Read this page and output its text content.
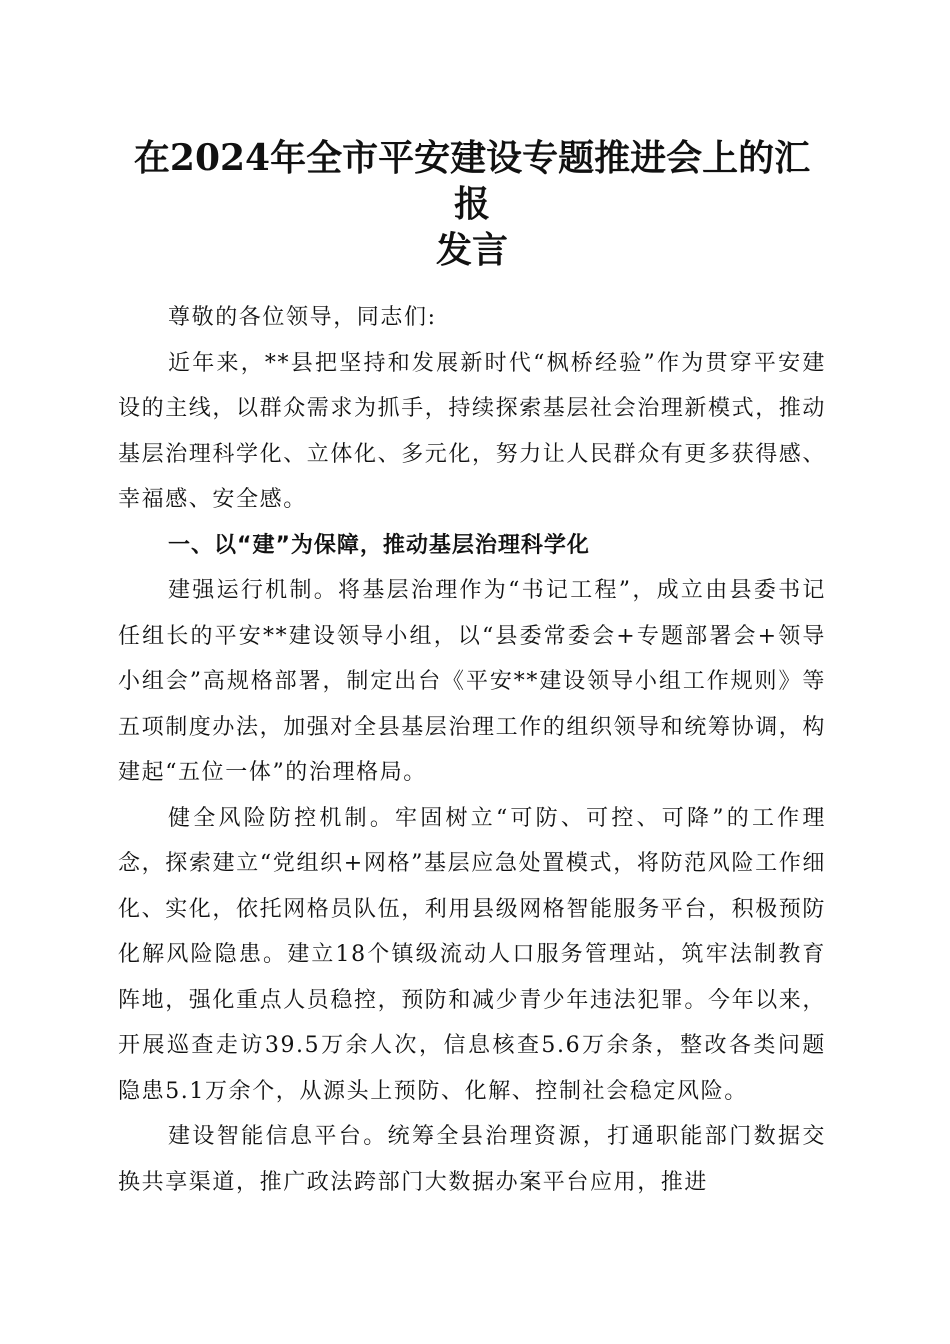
在2024年全市平安建设专题推进会上的汇报
发言

尊敬的各位领导，同志们:

近年来，**县把坚持和发展新时代“枫桥经验”作为贯穿平安建设的主线，以群众需求为抓手，持续探索基层社会治理新模式，推动基层治理科学化、立体化、多元化，努力让人民群众有更多获得感、幸福感、安全感。

一、以“建”为保障，推动基层治理科学化

建强运行机制。将基层治理作为“书记工程”，成立由县委书记任组长的平安**建设领导小组，以“县委常委会+专题部署会+领导小组会”高规格部署，制定出台《平安**建设领导小组工作规则》等五项制度办法，加强对全县基层治理工作的组织领导和统筹协调，构建起“五位一体”的治理格局。

健全风险防控机制。牢固树立“可防、可控、可降”的工作理念，探索建立“党组织+网格”基层应急处置模式，将防范风险工作细化、实化，依托网格员队伍，利用县级网格智能服务平台，积极预防化解风险隐患。建立18个镇级流动人口服务管理站，筑牢法制教育阵地，强化重点人员稳控，预防和减少青少年违法犯罪。今年以来，开展巡查走访39.5万余人次，信息核查5.6万余条，整改各类问题隐患5.1万余个，从源头上预防、化解、控制社会稳定风险。

建设智能信息平台。统筹全县治理资源，打通职能部门数据交换共享渠道，推广政法跨部门大数据办案平台应用，推进
